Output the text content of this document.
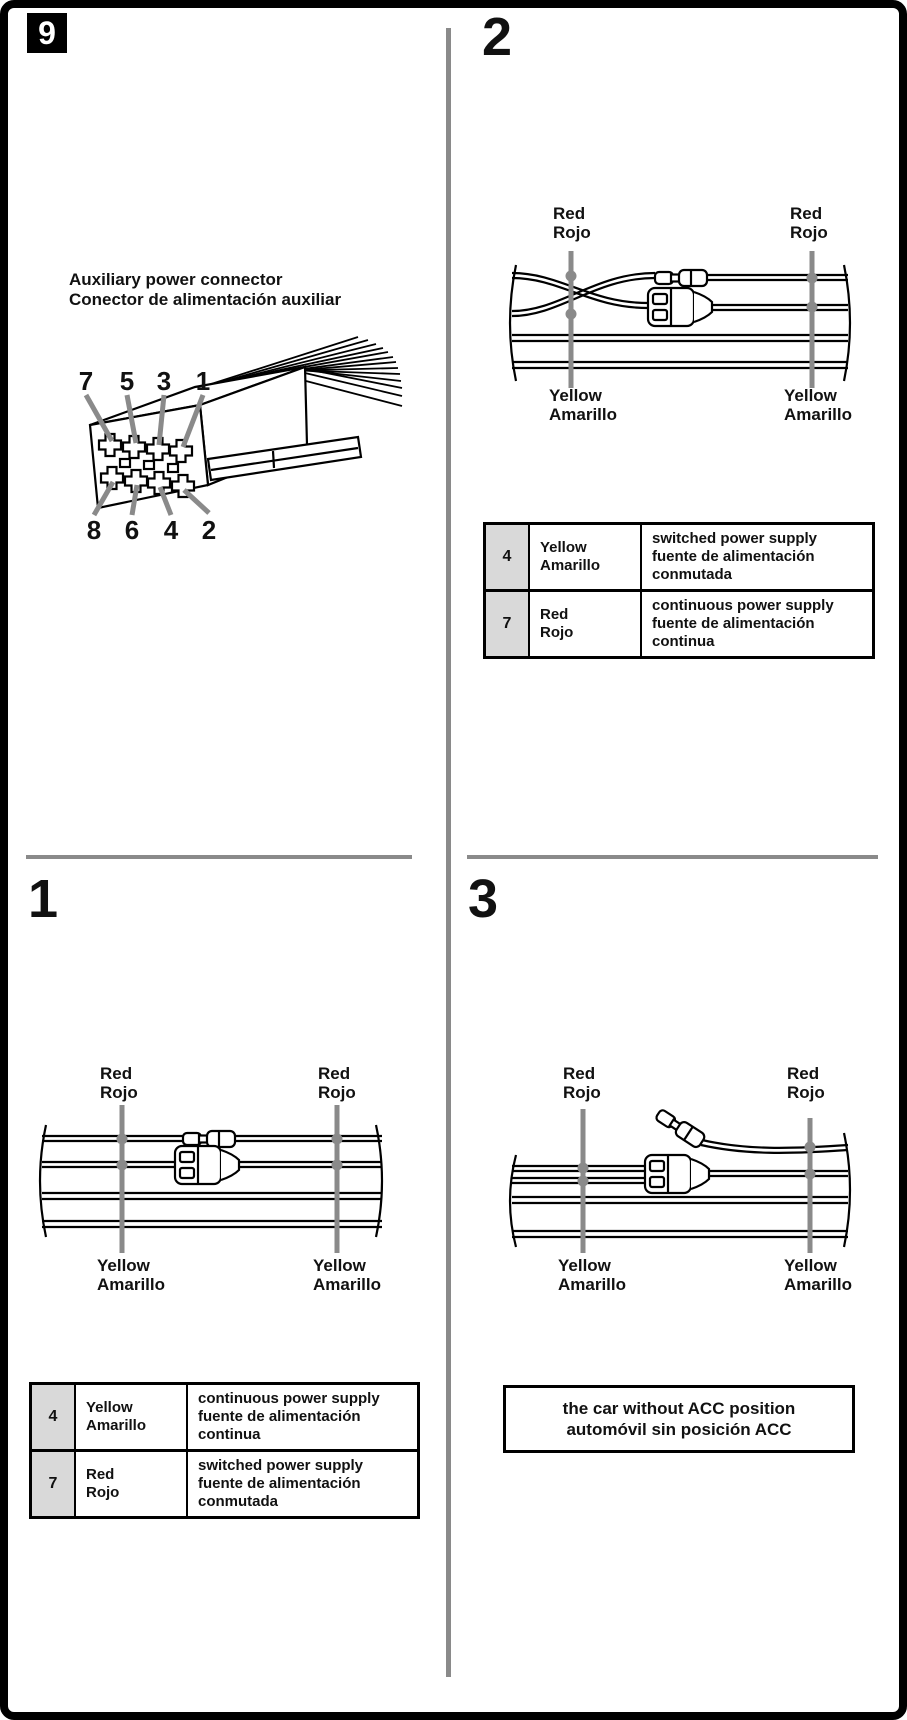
9
Auxiliary power connector
Conector de alimentación auxiliar
2
1	3
7 5 3 1
8 6 4 2
Red
Rojo
Red
Rojo
Yellow
Amarillo
Yellow
Amarillo
4
Yellow
Amarillo
switched power supply
fuente de alimentación
conmutada
7
Red
Rojo
continuous power supply
fuente de alimentación
continua
Red
Rojo
Red
Rojo
Yellow
Amarillo
Yellow
Amarillo
4
Yellow
Amarillo
continuous power supply
fuente de alimentación
continua
7
Red
Rojo
switched power supply
fuente de alimentación
conmutada
Red
Rojo
Red
Rojo
Yellow
Amarillo
Yellow
Amarillo
the car without ACC position
automóvil sin posición ACC
